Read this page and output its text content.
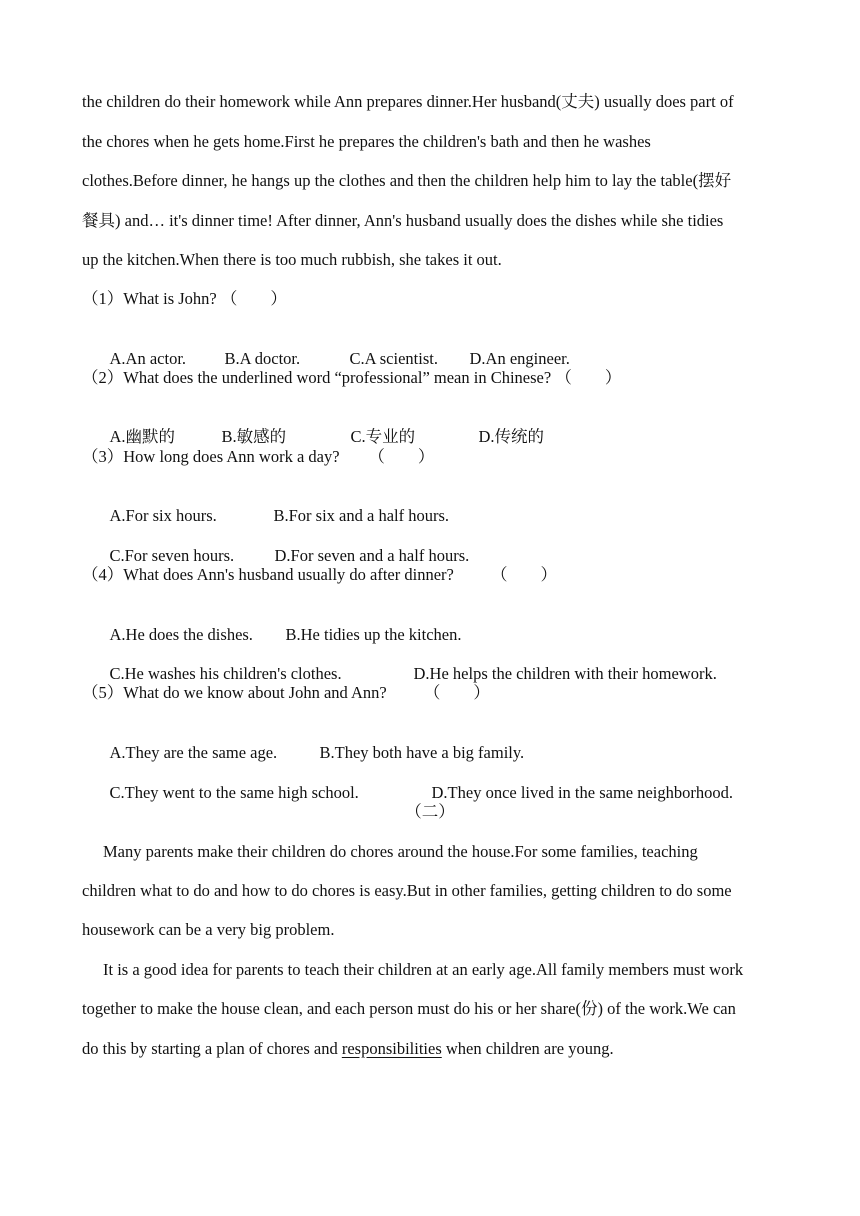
the children do their homework while Ann prepares dinner.Her husband(丈夫) usually does part of
the chores when he gets home.First he prepares the children's bath and then he washes
clothes.Before dinner, he hangs up the clothes and then the children help him to lay the table(摆好
餐具) and… it's dinner time! After dinner, Ann's husband usually does the dishes while she tidies
up the kitchen.When there is too much rubbish, she takes it out.
（1）What is John? （        ）

A.An actor. B.A doctor.	C.A scientist. D.An engineer.

（2）What does the underlined word “professional” mean in Chinese? （        ）

A.幽默的	B.敏感的	C.专业的	D.传统的

（3）How long does Ann work a day?       （        ）

A.For six hours.	B.For six and a half hours.

C.For seven hours. D.For seven and a half hours.

（4）What does Ann's husband usually do after dinner?         （        ）

A.He does the dishes. B.He tidies up the kitchen.

C.He washes his children's clothes.	D.He helps the children with their homework.

（5）What do we know about John and Ann?         （        ）

A.They are the same age.	B.They both have a big family.

C.They went to the same high school.	D.They once lived in the same neighborhood.

（二）
Many parents make their children do chores around the house.For some families, teaching
children what to do and how to do chores is easy.But in other families, getting children to do some
housework can be a very big problem.
It is a good idea for parents to teach their children at an early age.All family members must work
together to make the house clean, and each person must do his or her share(份) of the work.We can
do this by starting a plan of chores and responsibilities when children are young.
